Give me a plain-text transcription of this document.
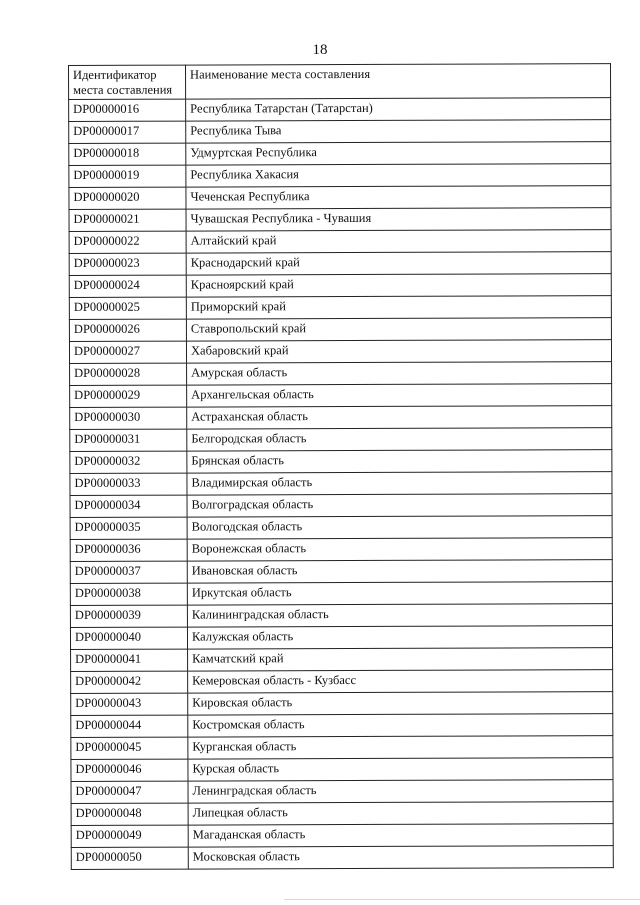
18
Идентификатор места составления	Наименование места составления
DP00000016	Республика Татарстан (Татарстан)
DP00000017	Республика Тыва
DP00000018	Удмуртская Республика
DP00000019	Республика Хакасия
DP00000020	Чеченская Республика
DP00000021	Чувашская Республика - Чувашия
DP00000022	Алтайский край
DP00000023	Краснодарский край
DP00000024	Красноярский край
DP00000025	Приморский край
DP00000026	Ставропольский край
DP00000027	Хабаровский край
DP00000028	Амурская область
DP00000029	Архангельская область
DP00000030	Астраханская область
DP00000031	Белгородская область
DP00000032	Брянская область
DP00000033	Владимирская область
DP00000034	Волгоградская область
DP00000035	Вологодская область
DP00000036	Воронежская область
DP00000037	Ивановская область
DP00000038	Иркутская область
DP00000039	Калининградская область
DP00000040	Калужская область
DP00000041	Камчатский край
DP00000042	Кемеровская область - Кузбасс
DP00000043	Кировская область
DP00000044	Костромская область
DP00000045	Курганская область
DP00000046	Курская область
DP00000047	Ленинградская область
DP00000048	Липецкая область
DP00000049	Магаданская область
DP00000050	Московская область
